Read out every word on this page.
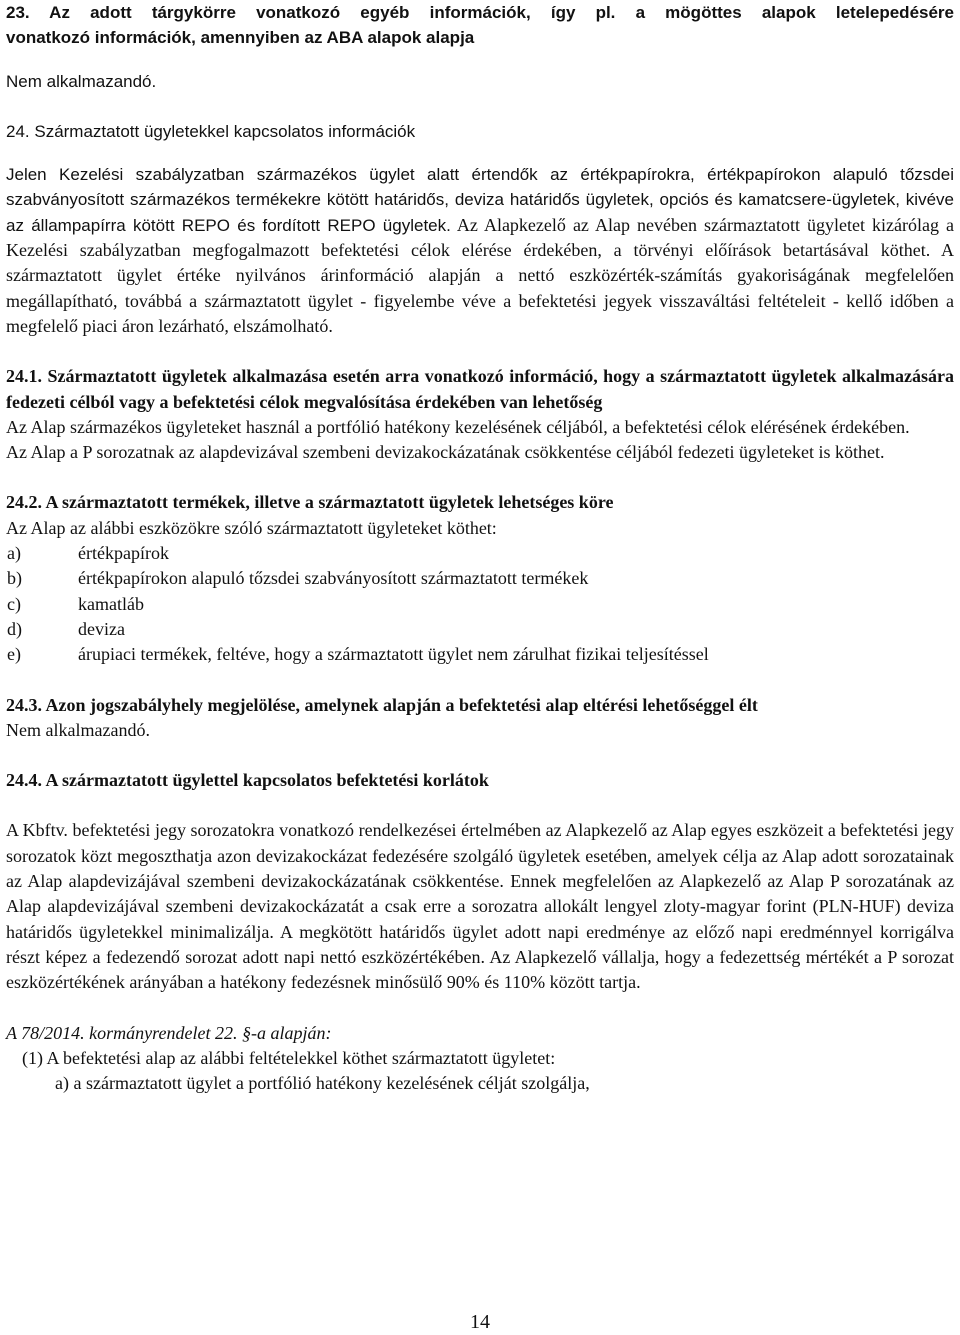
23. Az adott tárgykörre vonatkozó egyéb információk, így pl. a mögöttes alapok letelepedésére

vonatkozó információk, amennyiben az ABA alapok alapja

Nem alkalmazandó.

24. Származtatott ügyletekkel kapcsolatos információk

Jelen Kezelési szabályzatban származékos ügylet alatt értendők az értékpapírokra, értékpapírokon alapuló tőzsdei szabványosított származékos termékekre kötött határidős, deviza határidős ügyletek, opciós és kamatcsere-ügyletek, kivéve az állampapírra kötött REPO és fordított REPO ügyletek. Az Alapkezelő az Alap nevében származtatott ügyletet kizárólag a Kezelési szabályzatban megfogalmazott befektetési célok elérése érdekében, a törvényi előírások betartásával köthet. A származtatott ügylet értéke nyilvános árinformáció alapján a nettó eszközérték-számítás gyakoriságának megfelelően megállapítható, továbbá a származtatott ügylet - figyelembe véve a befektetési jegyek visszaváltási feltételeit - kellő időben a megfelelő piaci áron lezárható, elszámolható.

24.1. Származtatott ügyletek alkalmazása esetén arra vonatkozó információ, hogy a származtatott ügyletek alkalmazására fedezeti célból vagy a befektetési célok megvalósítása érdekében van lehetőség

Az Alap származékos ügyleteket használ a portfólió hatékony kezelésének céljából, a befektetési célok elérésének érdekében.

Az Alap a P sorozatnak az alapdevizával szembeni devizakockázatának csökkentése céljából fedezeti ügyleteket is köthet.

24.2. A származtatott termékek, illetve a származtatott ügyletek lehetséges köre

Az Alap az alábbi eszközökre szóló származtatott ügyleteket köthet:

a)	értékpapírok
b)	értékpapírokon alapuló tőzsdei szabványosított származtatott termékek
c)	kamatláb
d)	deviza
e)	árupiaci termékek, feltéve, hogy a származtatott ügylet nem zárulhat fizikai teljesítéssel

24.3. Azon jogszabályhely megjelölése, amelynek alapján a befektetési alap eltérési lehetőséggel élt

Nem alkalmazandó.

24.4. A származtatott ügylettel kapcsolatos befektetési korlátok

A Kbftv. befektetési jegy sorozatokra vonatkozó rendelkezései értelmében az Alapkezelő az Alap egyes eszközeit a befektetési jegy sorozatok közt megoszthatja azon devizakockázat fedezésére szolgáló ügyletek esetében, amelyek célja az Alap adott sorozatainak az Alap alapdevizájával szembeni devizakockázatának csökkentése. Ennek megfelelően az Alapkezelő az Alap P sorozatának az Alap alapdevizájával szembeni devizakockázatát a csak erre a sorozatra allokált lengyel zloty-magyar forint (PLN-HUF) deviza határidős ügyletekkel minimalizálja. A megkötött határidős ügylet adott napi eredménye az előző napi eredménnyel korrigálva részt képez a fedezendő sorozat adott napi nettó eszközértékében. Az Alapkezelő vállalja, hogy a fedezettség mértékét a P sorozat eszközértékének arányában a hatékony fedezésnek minősülő 90% és 110% között tartja.

A 78/2014. kormányrendelet 22. §-a alapján:

(1) A befektetési alap az alábbi feltételekkel köthet származtatott ügyletet:

a) a származtatott ügylet a portfólió hatékony kezelésének célját szolgálja,

14
